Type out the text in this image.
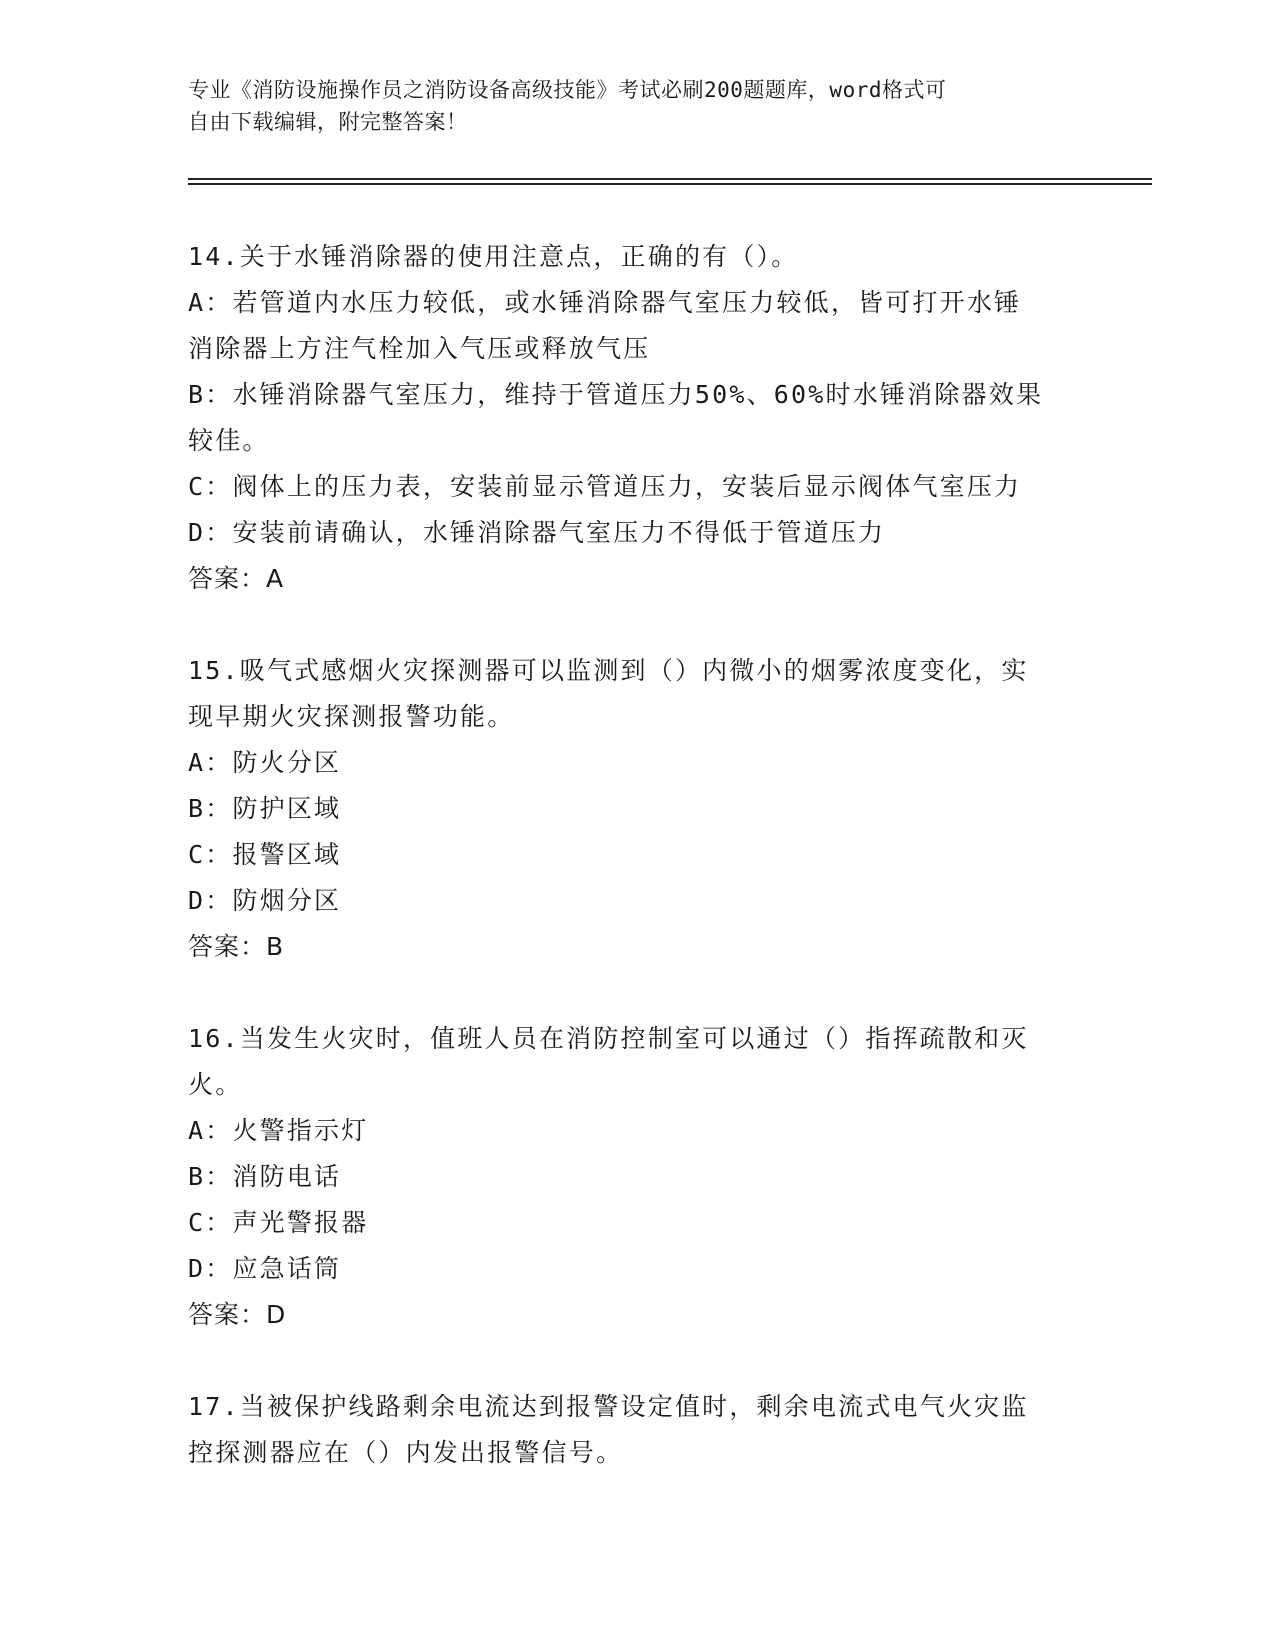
专业《消防设施操作员之消防设备高级技能》考试必刷200题题库，word格式可
自由下载编辑，附完整答案！
14.关于水锤消除器的使用注意点，正确的有（）。
A：若管道内水压力较低，或水锤消除器气室压力较低，皆可打开水锤
消除器上方注气栓加入气压或释放气压
B：水锤消除器气室压力，维持于管道压力50%、60%时水锤消除器效果
较佳。
C：阀体上的压力表，安装前显示管道压力，安装后显示阀体气室压力
D：安装前请确认，水锤消除器气室压力不得低于管道压力
答案：A
15.吸气式感烟火灾探测器可以监测到（）内微小的烟雾浓度变化，实
现早期火灾探测报警功能。
A：防火分区
B：防护区域
C：报警区域
D：防烟分区
答案：B
16.当发生火灾时，值班人员在消防控制室可以通过（）指挥疏散和灭
火。
A：火警指示灯
B：消防电话
C：声光警报器
D：应急话筒
答案：D
17.当被保护线路剩余电流达到报警设定值时，剩余电流式电气火灾监
控探测器应在（）内发出报警信号。
